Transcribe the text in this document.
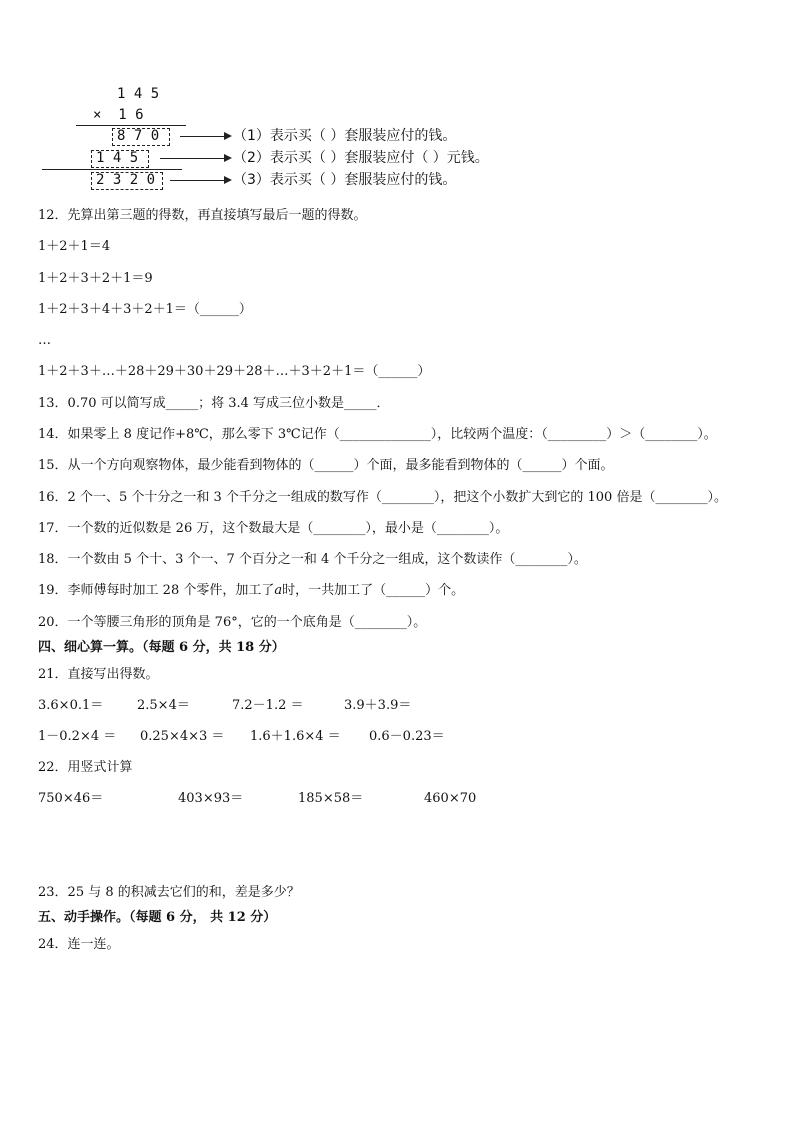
1 4 5
×  1 6
8 7 0
1 4 5
2 3 2 0
（1）表示买（ ）套服装应付的钱。
（2）表示买（ ）套服装应付（ ）元钱。
（3）表示买（ ）套服装应付的钱。
12．先算出第三题的得数，再直接填写最后一题的得数。
1＋2＋1＝4
1＋2＋3＋2＋1＝9
1＋2＋3＋4＋3＋2＋1＝（______）
…
1＋2＋3＋…＋28＋29＋30＋29＋28＋…＋3＋2＋1＝（______）
13．0.70 可以简写成_____；将 3.4 写成三位小数是_____．
14．如果零上 8 度记作+8℃，那么零下 3℃记作（______________），比较两个温度：（_________）＞（________）。
15．从一个方向观察物体，最少能看到物体的（______）个面，最多能看到物体的（______）个面。
16．2 个一、5 个十分之一和 3 个千分之一组成的数写作（________），把这个小数扩大到它的 100 倍是（________）。
17．一个数的近似数是 26 万，这个数最大是（________），最小是（________）。
18．一个数由 5 个十、3 个一、7 个百分之一和 4 个千分之一组成，这个数读作（________）。
19．李师傅每时加工 28 个零件，加工了𝑎时，一共加工了（______）个。
20．一个等腰三角形的顶角是 76°，它的一个底角是（________）。
四、细心算一算。（每题 6 分，共 18 分）
21．直接写出得数。
3.6×0.1＝	2.5×4＝	7.2－1.2 ＝	3.9＋3.9＝
1－0.2×4 ＝ 0.25×4×3 ＝ 1.6＋1.6×4 ＝ 0.6－0.23＝
22．用竖式计算
750×46＝	403×93＝	185×58＝	460×70
23．25 与 8 的积减去它们的和，差是多少？
五、动手操作。（每题 6 分， 共 12 分）
24．连一连。
